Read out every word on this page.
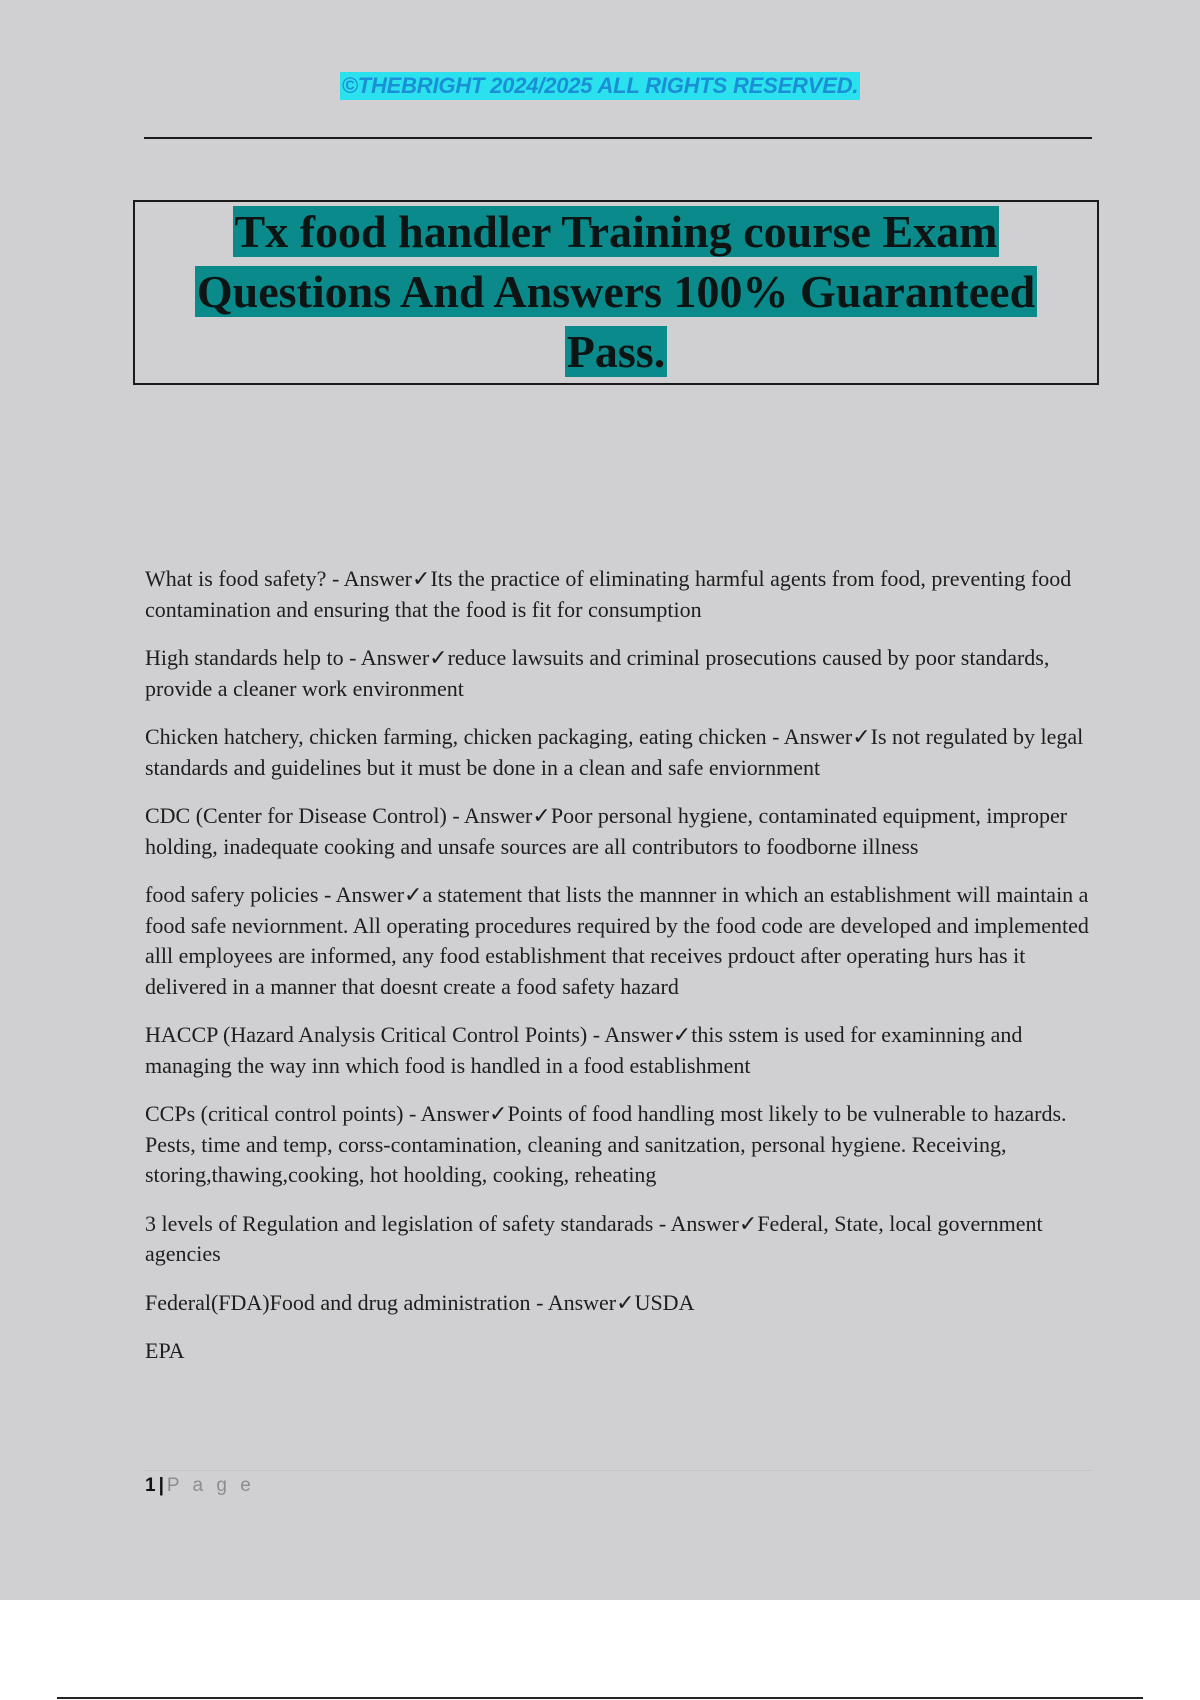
©THEBRIGHT 2024/2025 ALL RIGHTS RESERVED.
Tx food handler Training course Exam
Questions And Answers 100% Guaranteed
Pass.

What is food safety? - Answer✓Its the practice of eliminating harmful agents from food, preventing food contamination and ensuring that the food is fit for consumption

High standards help to - Answer✓reduce lawsuits and criminal prosecutions caused by poor standards, provide a cleaner work environment

Chicken hatchery, chicken farming, chicken packaging, eating chicken - Answer✓Is not regulated by legal standards and guidelines but it must be done in a clean and safe enviornment

CDC (Center for Disease Control) - Answer✓Poor personal hygiene, contaminated equipment, improper holding, inadequate cooking and unsafe sources are all contributors to foodborne illness

food safery policies - Answer✓a statement that lists the mannner in which an establishment will maintain a food safe neviornment. All operating procedures required by the food code are developed and implemented alll employees are informed, any food establishment that receives prdouct after operating hurs has it delivered in a manner that doesnt create a food safety hazard

HACCP (Hazard Analysis Critical Control Points) - Answer✓this sstem is used for examinning and managing the way inn which food is handled in a food establishment

CCPs (critical control points) - Answer✓Points of food handling most likely to be vulnerable to hazards. Pests, time and temp, corss-contamination, cleaning and sanitzation, personal hygiene. Receiving, storing,thawing,cooking, hot hoolding, cooking, reheating

3 levels of Regulation and legislation of safety standarads - Answer✓Federal, State, local government agencies

Federal(FDA)Food and drug administration - Answer✓USDA

EPA

1 | P a g e
